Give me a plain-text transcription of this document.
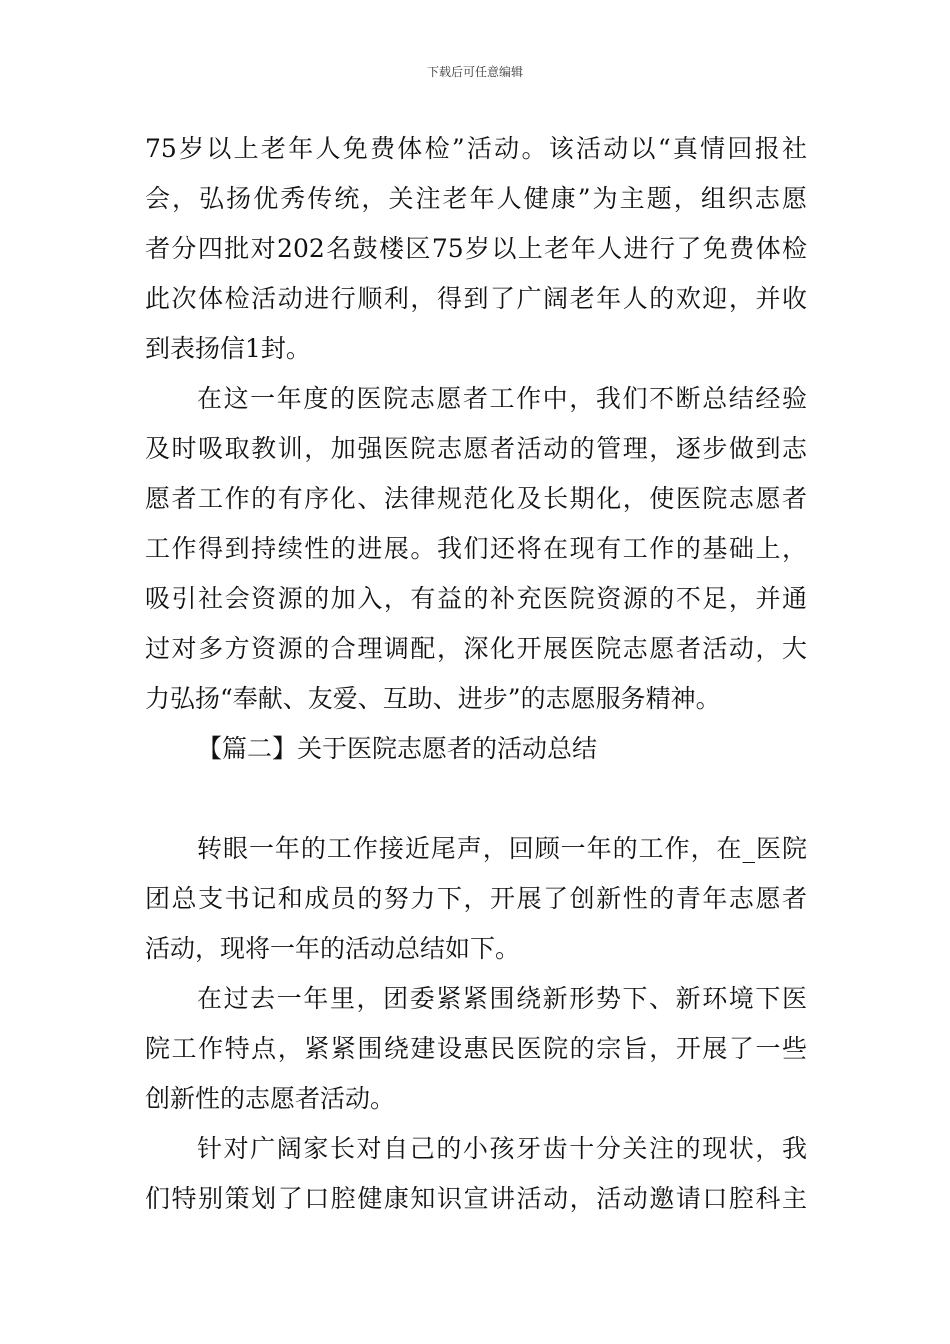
下载后可任意编辑
75岁以上老年人免费体检”活动。该活动以“真情回报社
会，弘扬优秀传统，关注老年人健康”为主题，组织志愿
者分四批对202名鼓楼区75岁以上老年人进行了免费体检
此次体检活动进行顺利，得到了广阔老年人的欢迎，并收
到表扬信1封。
在这一年度的医院志愿者工作中，我们不断总结经验
及时吸取教训，加强医院志愿者活动的管理，逐步做到志
愿者工作的有序化、法律规范化及长期化，使医院志愿者
工作得到持续性的进展。我们还将在现有工作的基础上，
吸引社会资源的加入，有益的补充医院资源的不足，并通
过对多方资源的合理调配，深化开展医院志愿者活动，大
力弘扬“奉献、友爱、互助、进步”的志愿服务精神。
【篇二】关于医院志愿者的活动总结
转眼一年的工作接近尾声，回顾一年的工作，在_医院
团总支书记和成员的努力下，开展了创新性的青年志愿者
活动，现将一年的活动总结如下。
在过去一年里，团委紧紧围绕新形势下、新环境下医
院工作特点，紧紧围绕建设惠民医院的宗旨，开展了一些
创新性的志愿者活动。
针对广阔家长对自己的小孩牙齿十分关注的现状，我
们特别策划了口腔健康知识宣讲活动，活动邀请口腔科主
